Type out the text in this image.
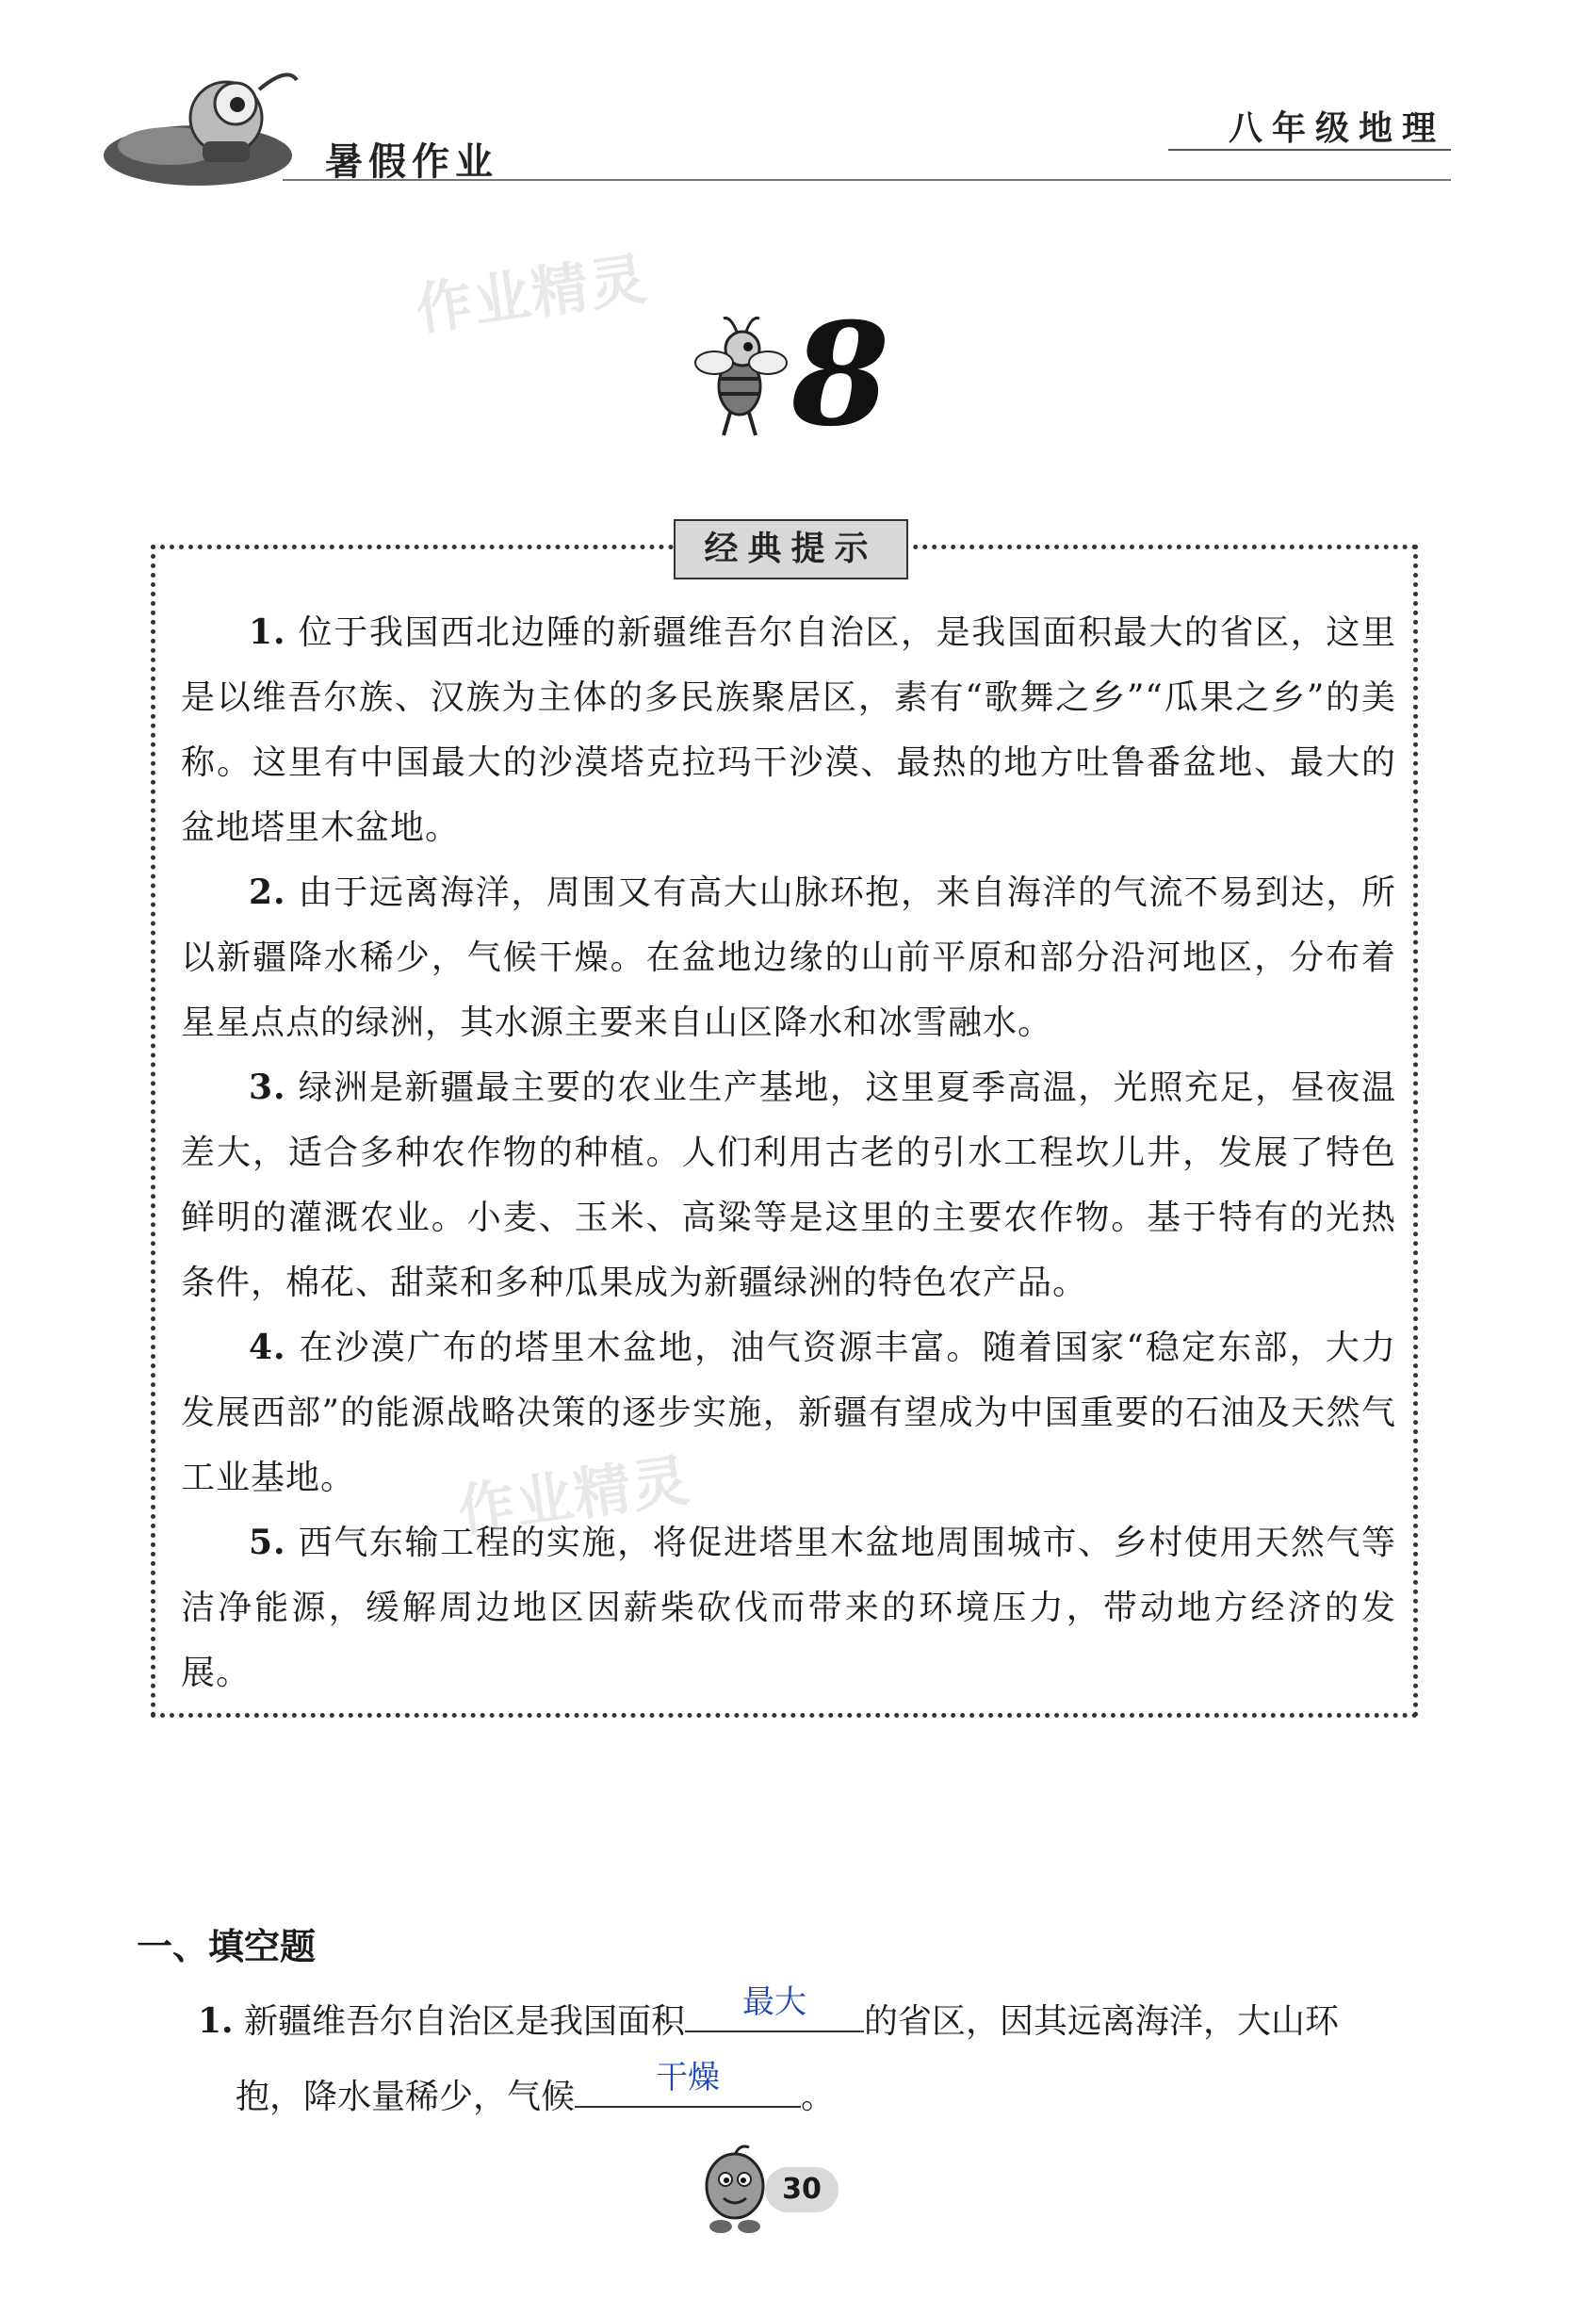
暑假作业
八年级地理
作业精灵
作业精灵
8
经典提示

1. 位于我国西北边陲的新疆维吾尔自治区，是我国面积最大的省区，这里是以维吾尔族、汉族为主体的多民族聚居区，素有“歌舞之乡”“瓜果之乡”的美称。这里有中国最大的沙漠塔克拉玛干沙漠、最热的地方吐鲁番盆地、最大的盆地塔里木盆地。

2. 由于远离海洋，周围又有高大山脉环抱，来自海洋的气流不易到达，所以新疆降水稀少，气候干燥。在盆地边缘的山前平原和部分沿河地区，分布着星星点点的绿洲，其水源主要来自山区降水和冰雪融水。

3. 绿洲是新疆最主要的农业生产基地，这里夏季高温，光照充足，昼夜温差大，适合多种农作物的种植。人们利用古老的引水工程坎儿井，发展了特色鲜明的灌溉农业。小麦、玉米、高粱等是这里的主要农作物。基于特有的光热条件，棉花、甜菜和多种瓜果成为新疆绿洲的特色农产品。

4. 在沙漠广布的塔里木盆地，油气资源丰富。随着国家“稳定东部，大力发展西部”的能源战略决策的逐步实施，新疆有望成为中国重要的石油及天然气工业基地。

5. 西气东输工程的实施，将促进塔里木盆地周围城市、乡村使用天然气等洁净能源，缓解周边地区因薪柴砍伐而带来的环境压力，带动地方经济的发展。

一、填空题
1. 新疆维吾尔自治区是我国面积	最大	的省区，因其远离海洋，大山环
抱，降水量稀少，气候	干燥	。
30
